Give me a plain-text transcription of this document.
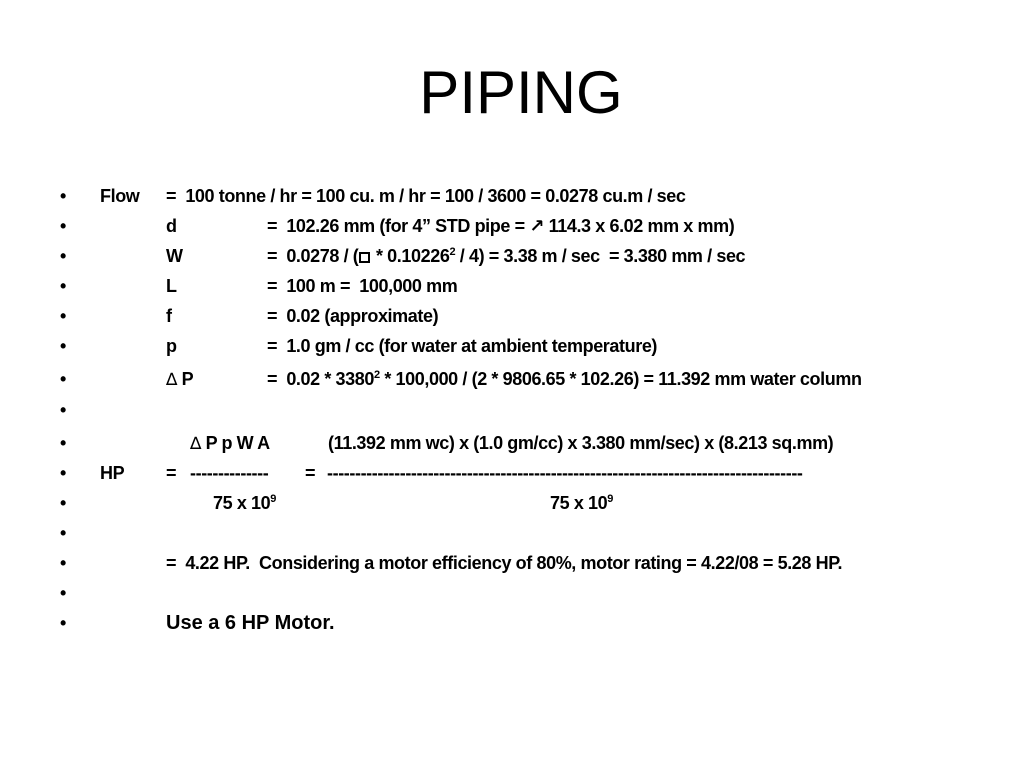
PIPING
•
•
•
•
•
•
•
•
•
•
•
•
•
•
•
Flow =  100 tonne / hr = 100 cu. m / hr = 100 / 3600 = 0.0278 cu.m / sec
d	=  102.26 mm (for 4” STD pipe = ↗ 114.3 x 6.02 mm x mm)
W	=  0.0278 / ( * 0.10226$^2$ / 4) = 3.38 m / sec  = 3.380 mm / sec
L	=  100 m =  100,000 mm
f	=  0.02 (approximate)
p	=  1.0 gm / cc (for water at ambient temperature)
∆ P	=  0.02 * 3380$^2$ * 100,000 / (2 * 9806.65 * 102.26) = 11.392 mm water column
∆ P p W A	(11.392 mm wc) x (1.0 gm/cc) x 3.380 mm/sec) x (8.213 sq.mm)
HP = -------------- = -------------------------------------------------------------------------------------
75 x $10^9$	75 x $10^9$
=  4.22 HP.  Considering a motor efficiency of 80%, motor rating = 4.22/08 = 5.28 HP.
Use a 6 HP Motor.
